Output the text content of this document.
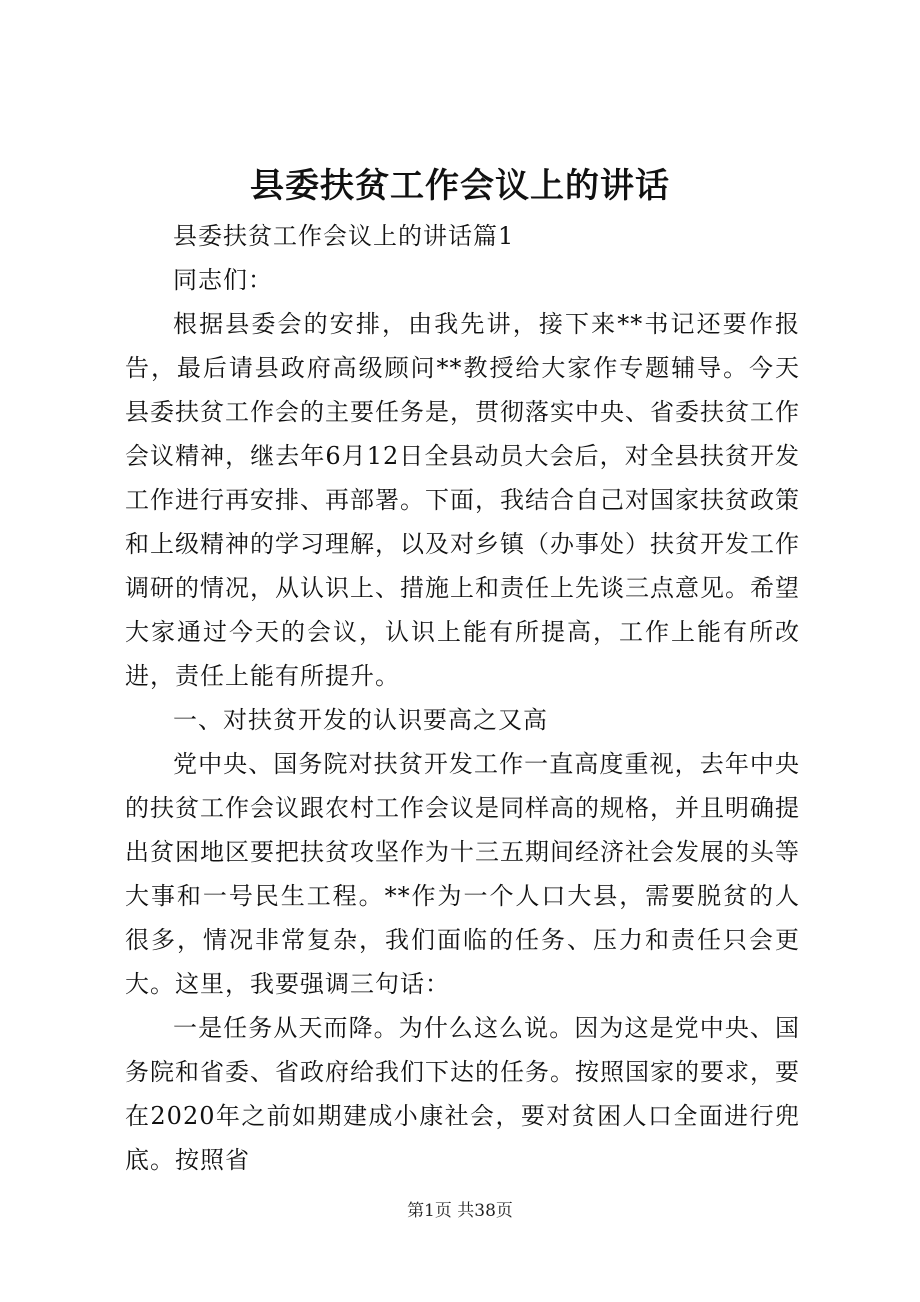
县委扶贫工作会议上的讲话

县委扶贫工作会议上的讲话篇1

同志们：

根据县委会的安排，由我先讲，接下来**书记还要作报告，最后请县政府高级顾问**教授给大家作专题辅导。今天县委扶贫工作会的主要任务是，贯彻落实中央、省委扶贫工作会议精神，继去年6月12日全县动员大会后，对全县扶贫开发工作进行再安排、再部署。下面，我结合自己对国家扶贫政策和上级精神的学习理解，以及对乡镇（办事处）扶贫开发工作调研的情况，从认识上、措施上和责任上先谈三点意见。希望大家通过今天的会议，认识上能有所提高，工作上能有所改进，责任上能有所提升。

一、对扶贫开发的认识要高之又高

党中央、国务院对扶贫开发工作一直高度重视，去年中央的扶贫工作会议跟农村工作会议是同样高的规格，并且明确提出贫困地区要把扶贫攻坚作为十三五期间经济社会发展的头等大事和一号民生工程。**作为一个人口大县，需要脱贫的人很多，情况非常复杂，我们面临的任务、压力和责任只会更大。这里，我要强调三句话：

一是任务从天而降。为什么这么说。因为这是党中央、国务院和省委、省政府给我们下达的任务。按照国家的要求，要在2020年之前如期建成小康社会，要对贫困人口全面进行兜底。按照省

第1页 共38页
